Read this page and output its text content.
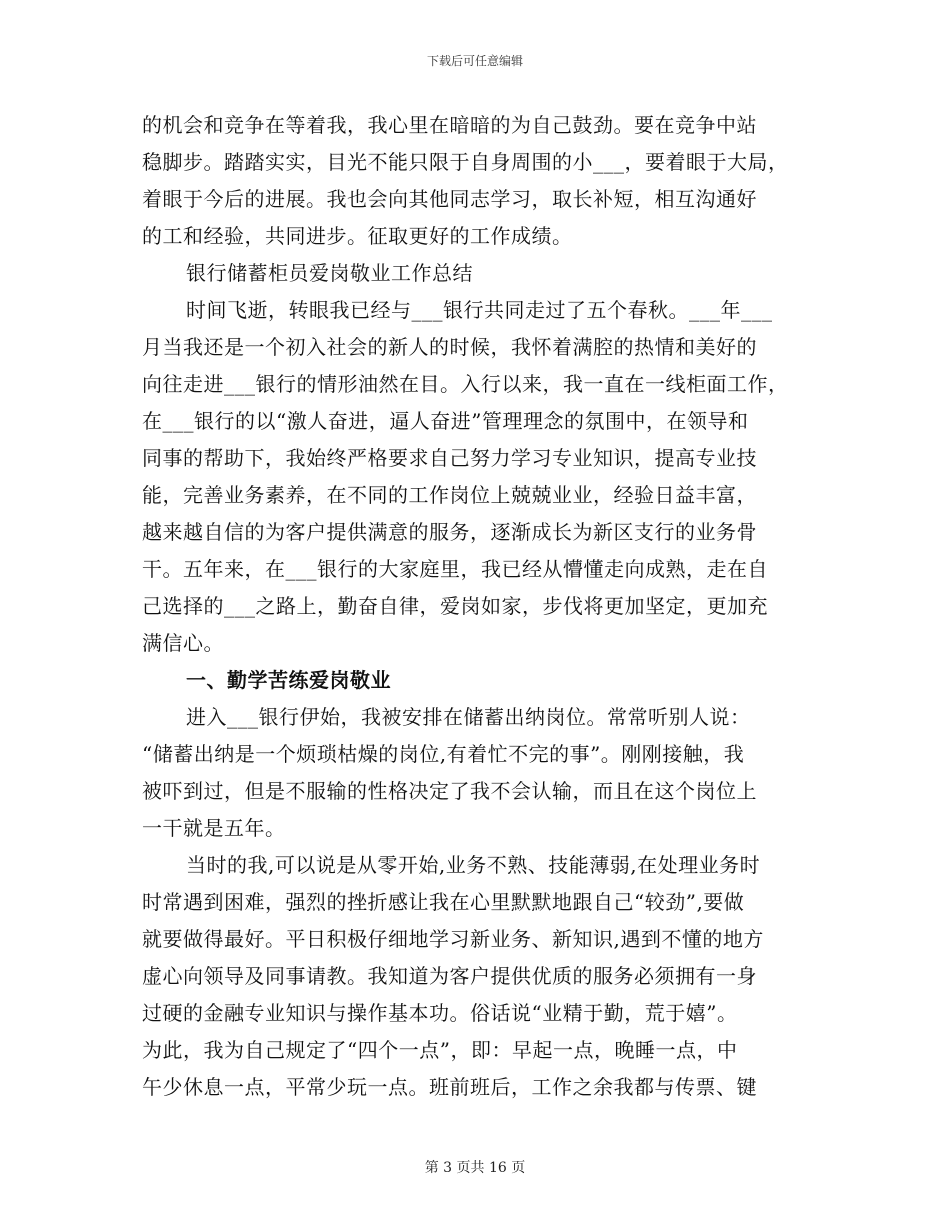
下载后可任意编辑
的机会和竞争在等着我，我心里在暗暗的为自己鼓劲。要在竞争中站
稳脚步。踏踏实实，目光不能只限于自身周围的小___，要着眼于大局，
着眼于今后的进展。我也会向其他同志学习，取长补短，相互沟通好
的工和经验，共同进步。征取更好的工作成绩。
银行储蓄柜员爱岗敬业工作总结
时间飞逝，转眼我已经与___银行共同走过了五个春秋。___年___
月当我还是一个初入社会的新人的时候，我怀着满腔的热情和美好的
向往走进___银行的情形油然在目。入行以来，我一直在一线柜面工作，
在___银行的以“激人奋进，逼人奋进”管理理念的氛围中，在领导和
同事的帮助下，我始终严格要求自己努力学习专业知识，提高专业技
能，完善业务素养，在不同的工作岗位上兢兢业业，经验日益丰富，
越来越自信的为客户提供满意的服务，逐渐成长为新区支行的业务骨
干。五年来，在___银行的大家庭里，我已经从懵懂走向成熟，走在自
己选择的___之路上，勤奋自律，爱岗如家，步伐将更加坚定，更加充
满信心。
一、勤学苦练爱岗敬业
进入___银行伊始，我被安排在储蓄出纳岗位。常常听别人说：
“储蓄出纳是一个烦琐枯燥的岗位,有着忙不完的事”。刚刚接触，我
被吓到过，但是不服输的性格决定了我不会认输，而且在这个岗位上
一干就是五年。
当时的我,可以说是从零开始,业务不熟、技能薄弱,在处理业务时
时常遇到困难，强烈的挫折感让我在心里默默地跟自己“较劲”,要做
就要做得最好。平日积极仔细地学习新业务、新知识,遇到不懂的地方
虚心向领导及同事请教。我知道为客户提供优质的服务必须拥有一身
过硬的金融专业知识与操作基本功。俗话说“业精于勤，荒于嬉”。
为此，我为自己规定了“四个一点”，即：早起一点，晚睡一点，中
午少休息一点，平常少玩一点。班前班后，工作之余我都与传票、键
第 3 页共 16 页
